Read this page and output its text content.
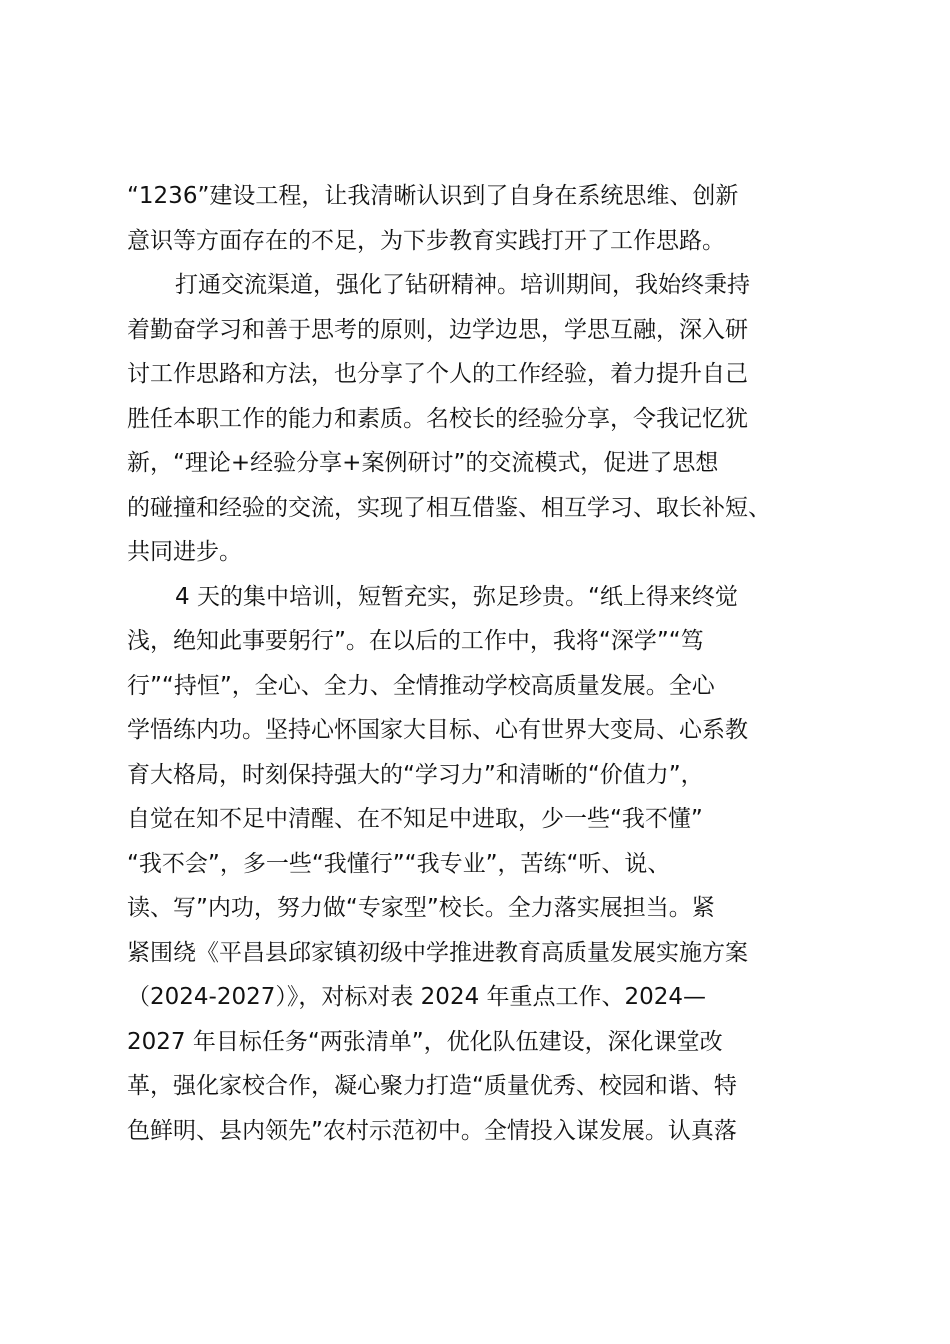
“1236”建设工程，让我清晰认识到了自身在系统思维、创新
意识等方面存在的不足，为下步教育实践打开了工作思路。
打通交流渠道，强化了钻研精神。培训期间，我始终秉持
着勤奋学习和善于思考的原则，边学边思，学思互融，深入研
讨工作思路和方法，也分享了个人的工作经验，着力提升自己
胜任本职工作的能力和素质。名校长的经验分享，令我记忆犹
新，“理论+经验分享+案例研讨”的交流模式，促进了思想
的碰撞和经验的交流，实现了相互借鉴、相互学习、取长补短、
共同进步。
4 天的集中培训，短暂充实，弥足珍贵。“纸上得来终觉
浅，绝知此事要躬行”。在以后的工作中，我将“深学”“笃
行”“持恒”，全心、全力、全情推动学校高质量发展。全心
学悟练内功。坚持心怀国家大目标、心有世界大变局、心系教
育大格局，时刻保持强大的“学习力”和清晰的“价值力”，
自觉在知不足中清醒、在不知足中进取，少一些“我不懂”
“我不会”，多一些“我懂行”“我专业”，苦练“听、说、
读、写”内功，努力做“专家型”校长。全力落实展担当。紧
紧围绕《平昌县邱家镇初级中学推进教育高质量发展实施方案
（2024-2027）》，对标对表 2024 年重点工作、2024—
2027 年目标任务“两张清单”，优化队伍建设，深化课堂改
革，强化家校合作，凝心聚力打造“质量优秀、校园和谐、特
色鲜明、县内领先”农村示范初中。全情投入谋发展。认真落
